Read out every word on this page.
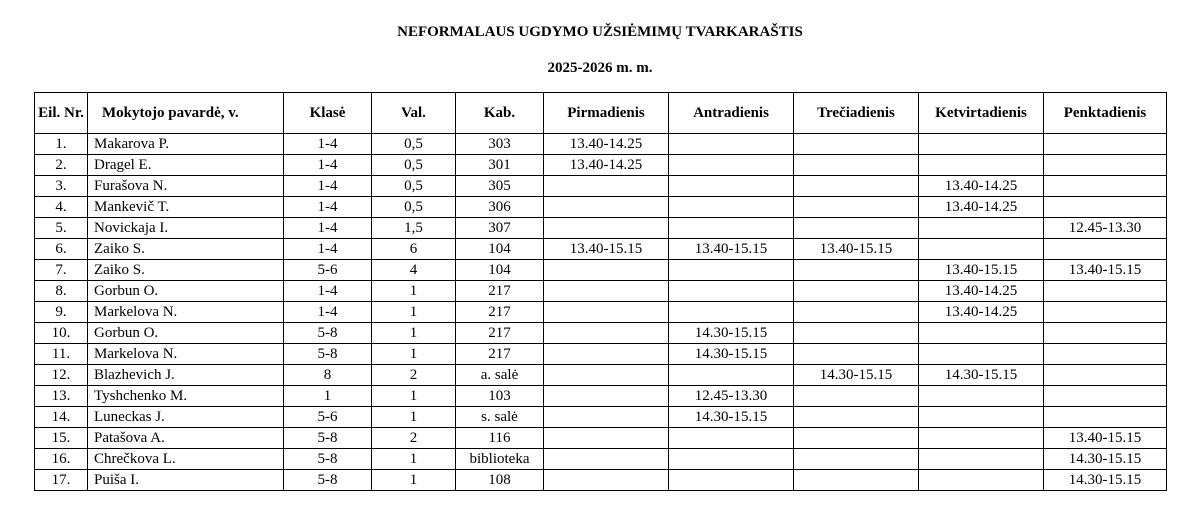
NEFORMALAUS UGDYMO UŽSIĖMIMŲ TVARKARAŠTIS
2025-2026 m. m.
Eil. Nr.	Mokytojo pavardė, v.	Klasė	Val.	Kab.	Pirmadienis	Antradienis	Trečiadienis	Ketvirtadienis	Penktadienis
1.	Makarova P.	1-4	0,5	303	13.40-14.25				
2.	Dragel E.	1-4	0,5	301	13.40-14.25				
3.	Furašova N.	1-4	0,5	305				13.40-14.25	
4.	Mankevič T.	1-4	0,5	306				13.40-14.25	
5.	Novickaja I.	1-4	1,5	307					12.45-13.30
6.	Zaiko S.	1-4	6	104	13.40-15.15	13.40-15.15	13.40-15.15		
7.	Zaiko S.	5-6	4	104				13.40-15.15	13.40-15.15
8.	Gorbun O.	1-4	1	217				13.40-14.25	
9.	Markelova N.	1-4	1	217				13.40-14.25	
10.	Gorbun O.	5-8	1	217		14.30-15.15			
11.	Markelova N.	5-8	1	217		14.30-15.15			
12.	Blazhevich J.	8	2	a. salė			14.30-15.15	14.30-15.15	
13.	Tyshchenko M.	1	1	103		12.45-13.30			
14.	Luneckas J.	5-6	1	s. salė		14.30-15.15			
15.	Patašova A.	5-8	2	116					13.40-15.15
16.	Chrečkova L.	5-8	1	biblioteka					14.30-15.15
17.	Puiša I.	5-8	1	108					14.30-15.15
